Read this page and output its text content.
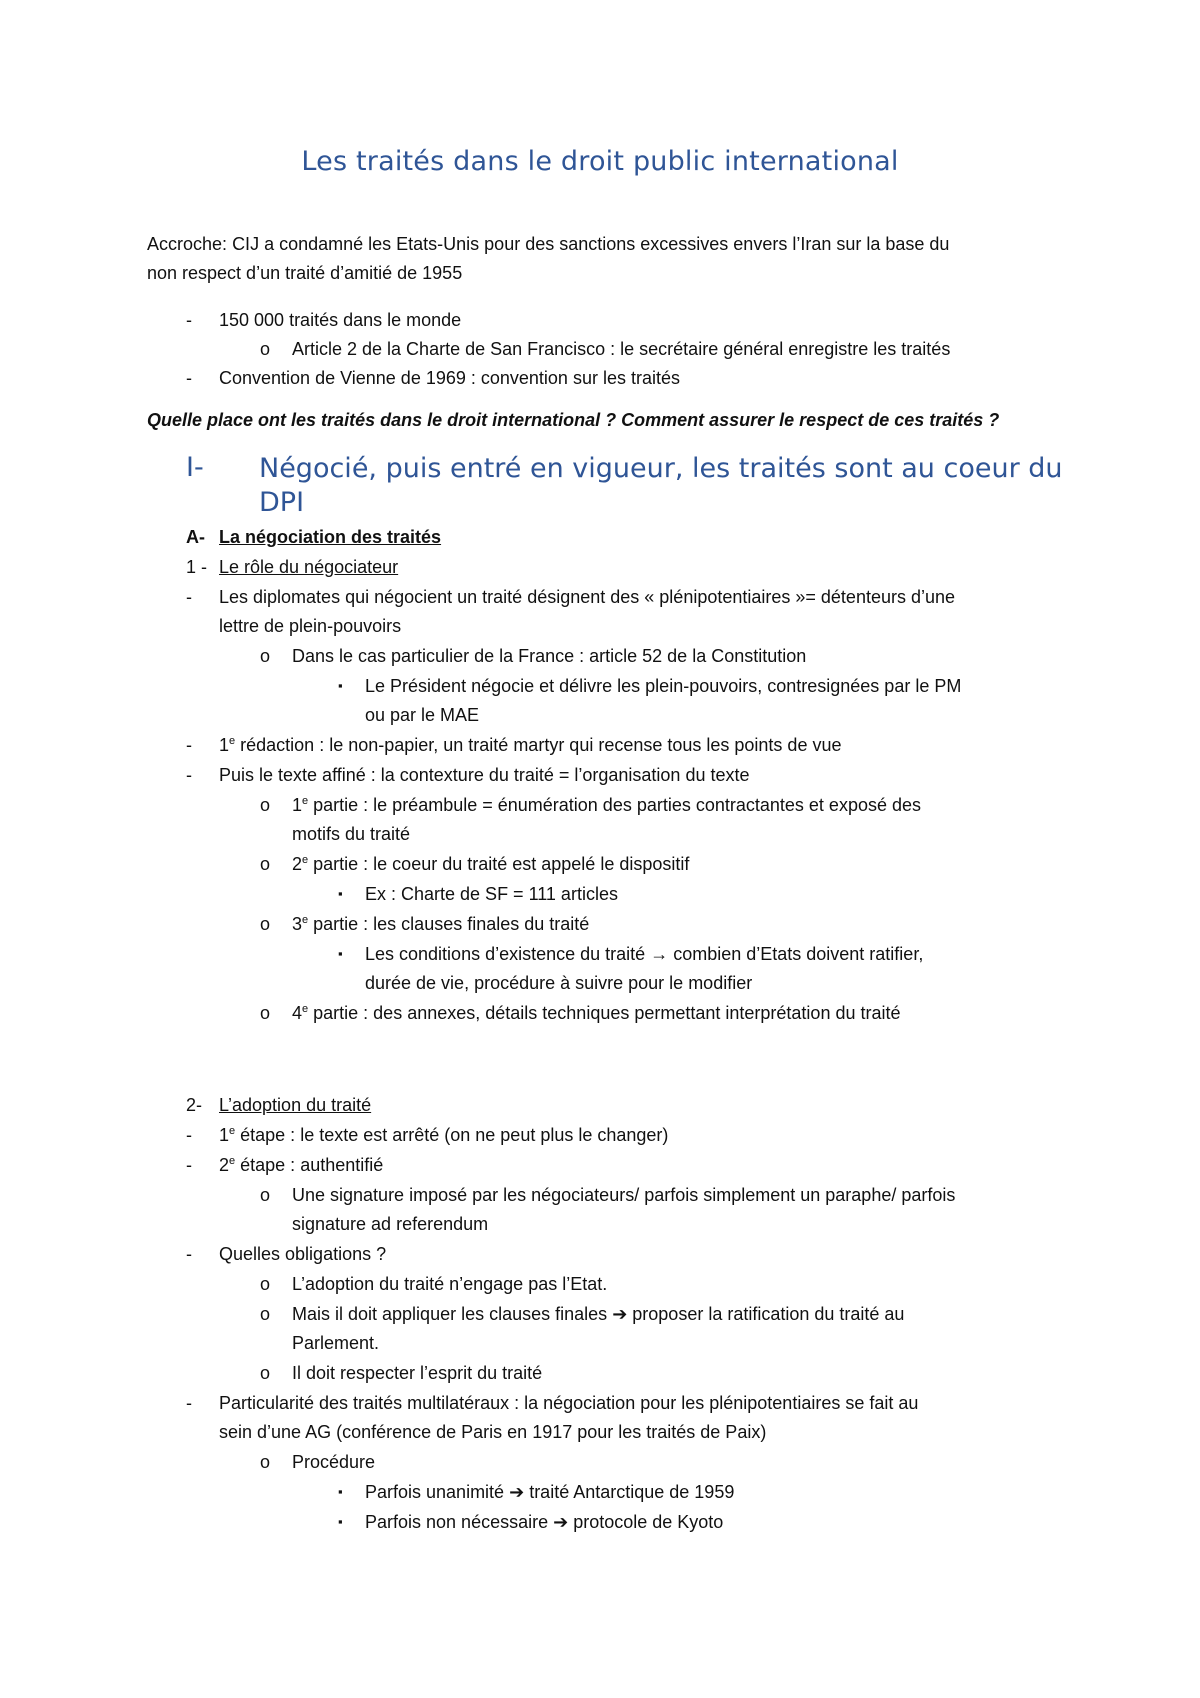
Les traités dans le droit public international
Accroche: CIJ a condamné les Etats-Unis pour des sanctions excessives envers l’Iran sur la base du
non respect d’un traité d’amitié de 1955
- 150 000 traités dans le monde
o Article 2 de la Charte de San Francisco : le secrétaire général enregistre les traités
- Convention de Vienne de 1969 : convention sur les traités
Quelle place ont les traités dans le droit international ? Comment assurer le respect de ces traités ?
I- Négocié, puis entré en vigueur, les traités sont au coeur du
DPI
A- La négociation des traités
1 - Le rôle du négociateur
- Les diplomates qui négocient un traité désignent des « plénipotentiaires »= détenteurs d’une
lettre de plein-pouvoirs
o Dans le cas particulier de la France : article 52 de la Constitution
▪ Le Président négocie et délivre les plein-pouvoirs, contresignées par le PM
ou par le MAE
- 1e rédaction : le non-papier, un traité martyr qui recense tous les points de vue
- Puis le texte affiné : la contexture du traité = l’organisation du texte
o 1e partie : le préambule = énumération des parties contractantes et exposé des
motifs du traité
o 2e partie : le coeur du traité est appelé le dispositif
▪ Ex : Charte de SF = 111 articles
o 3e partie : les clauses finales du traité
▪ Les conditions d’existence du traité → combien d’Etats doivent ratifier,
durée de vie, procédure à suivre pour le modifier
o 4e partie : des annexes, détails techniques permettant interprétation du traité
2- L’adoption du traité
- 1e étape : le texte est arrêté (on ne peut plus le changer)
- 2e étape : authentifié
o Une signature imposé par les négociateurs/ parfois simplement un paraphe/ parfois
signature ad referendum
- Quelles obligations ?
o L’adoption du traité n’engage pas l’Etat.
o Mais il doit appliquer les clauses finales ➔ proposer la ratification du traité au
Parlement.
o Il doit respecter l’esprit du traité
- Particularité des traités multilatéraux : la négociation pour les plénipotentiaires se fait au
sein d’une AG (conférence de Paris en 1917 pour les traités de Paix)
o Procédure
▪ Parfois unanimité ➔ traité Antarctique de 1959
▪ Parfois non nécessaire ➔ protocole de Kyoto
